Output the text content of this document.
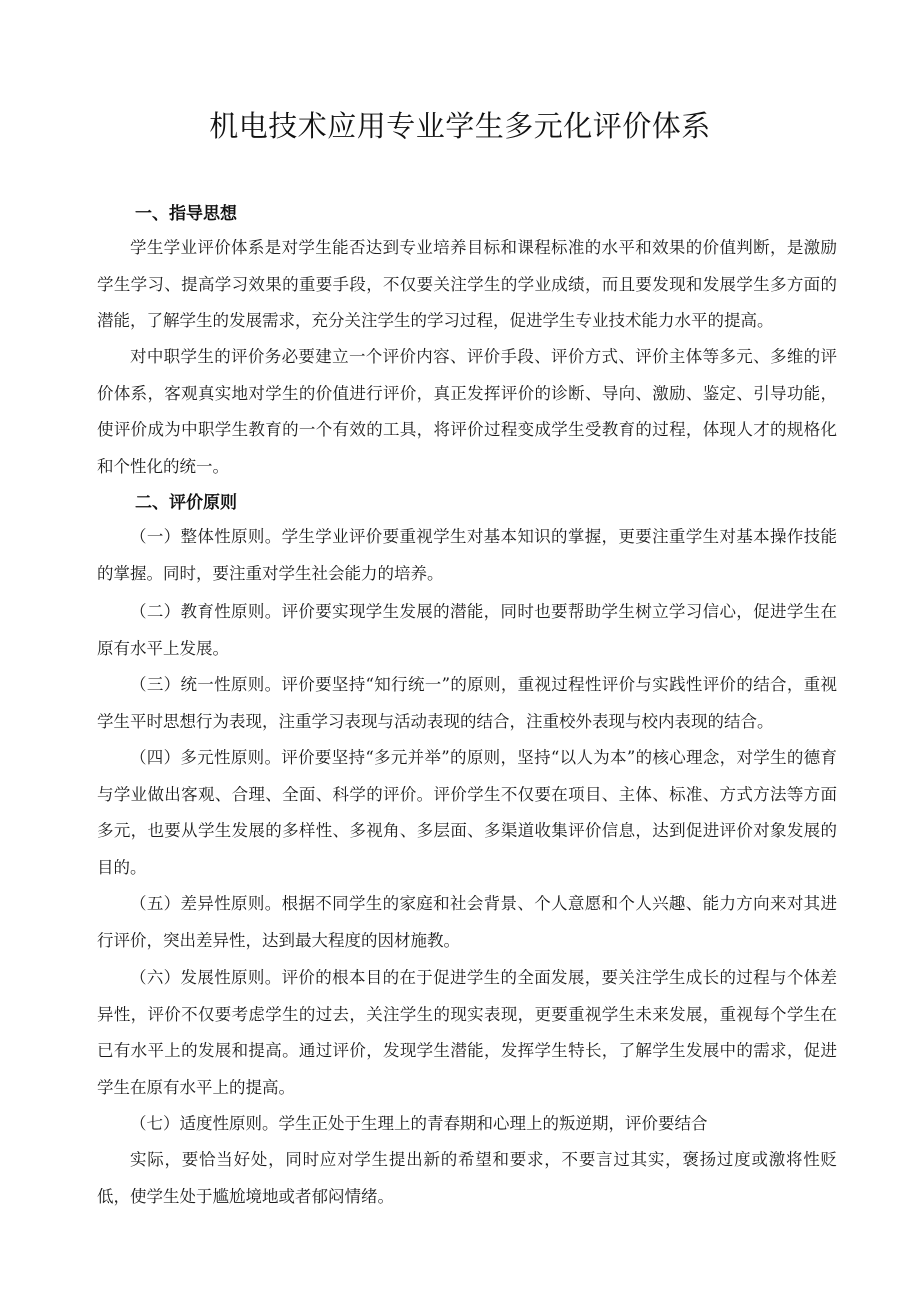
机电技术应用专业学生多元化评价体系
一、指导思想
学生学业评价体系是对学生能否达到专业培养目标和课程标准的水平和效果的价值判断，是激励学生学习、提高学习效果的重要手段，不仅要关注学生的学业成绩，而且要发现和发展学生多方面的潜能，了解学生的发展需求，充分关注学生的学习过程，促进学生专业技术能力水平的提高。
对中职学生的评价务必要建立一个评价内容、评价手段、评价方式、评价主体等多元、多维的评价体系，客观真实地对学生的价值进行评价，真正发挥评价的诊断、导向、激励、鉴定、引导功能，使评价成为中职学生教育的一个有效的工具，将评价过程变成学生受教育的过程，体现人才的规格化和个性化的统一。
二、评价原则
（一）整体性原则。学生学业评价要重视学生对基本知识的掌握，更要注重学生对基本操作技能的掌握。同时，要注重对学生社会能力的培养。
（二）教育性原则。评价要实现学生发展的潜能，同时也要帮助学生树立学习信心，促进学生在原有水平上发展。
（三）统一性原则。评价要坚持“知行统一”的原则，重视过程性评价与实践性评价的结合，重视学生平时思想行为表现，注重学习表现与活动表现的结合，注重校外表现与校内表现的结合。
（四）多元性原则。评价要坚持“多元并举”的原则，坚持“以人为本”的核心理念，对学生的德育与学业做出客观、合理、全面、科学的评价。评价学生不仅要在项目、主体、标准、方式方法等方面多元，也要从学生发展的多样性、多视角、多层面、多渠道收集评价信息，达到促进评价对象发展的目的。
（五）差异性原则。根据不同学生的家庭和社会背景、个人意愿和个人兴趣、能力方向来对其进行评价，突出差异性，达到最大程度的因材施教。
（六）发展性原则。评价的根本目的在于促进学生的全面发展，要关注学生成长的过程与个体差异性，评价不仅要考虑学生的过去，关注学生的现实表现，更要重视学生未来发展，重视每个学生在已有水平上的发展和提高。通过评价，发现学生潜能，发挥学生特长，了解学生发展中的需求，促进学生在原有水平上的提高。
（七）适度性原则。学生正处于生理上的青春期和心理上的叛逆期，评价要结合
实际，要恰当好处，同时应对学生提出新的希望和要求，不要言过其实，褒扬过度或激将性贬低，使学生处于尴尬境地或者郁闷情绪。
